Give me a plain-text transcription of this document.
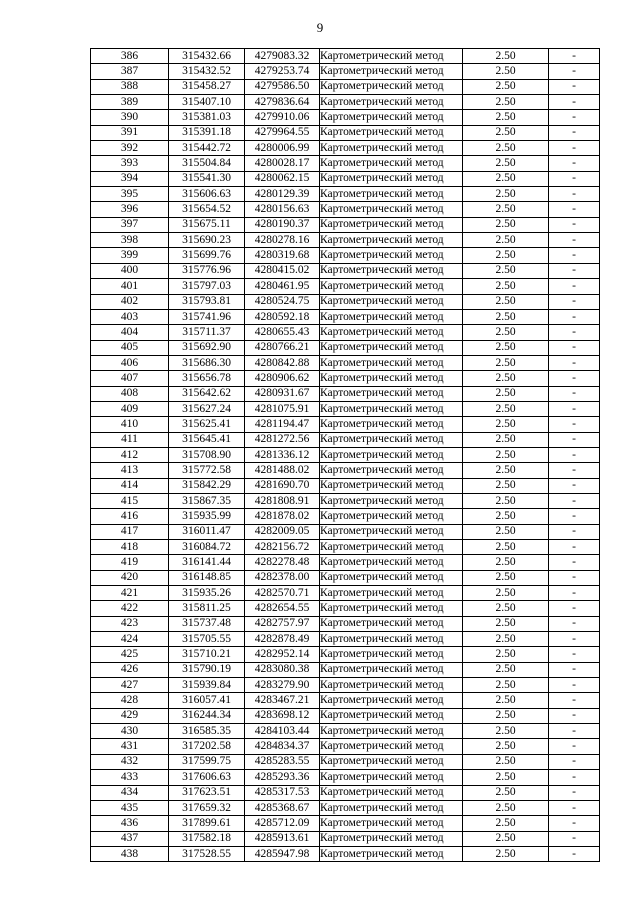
9
386	315432.66	4279083.32	Картометрический метод	2.50	-
387	315432.52	4279253.74	Картометрический метод	2.50	-
388	315458.27	4279586.50	Картометрический метод	2.50	-
389	315407.10	4279836.64	Картометрический метод	2.50	-
390	315381.03	4279910.06	Картометрический метод	2.50	-
391	315391.18	4279964.55	Картометрический метод	2.50	-
392	315442.72	4280006.99	Картометрический метод	2.50	-
393	315504.84	4280028.17	Картометрический метод	2.50	-
394	315541.30	4280062.15	Картометрический метод	2.50	-
395	315606.63	4280129.39	Картометрический метод	2.50	-
396	315654.52	4280156.63	Картометрический метод	2.50	-
397	315675.11	4280190.37	Картометрический метод	2.50	-
398	315690.23	4280278.16	Картометрический метод	2.50	-
399	315699.76	4280319.68	Картометрический метод	2.50	-
400	315776.96	4280415.02	Картометрический метод	2.50	-
401	315797.03	4280461.95	Картометрический метод	2.50	-
402	315793.81	4280524.75	Картометрический метод	2.50	-
403	315741.96	4280592.18	Картометрический метод	2.50	-
404	315711.37	4280655.43	Картометрический метод	2.50	-
405	315692.90	4280766.21	Картометрический метод	2.50	-
406	315686.30	4280842.88	Картометрический метод	2.50	-
407	315656.78	4280906.62	Картометрический метод	2.50	-
408	315642.62	4280931.67	Картометрический метод	2.50	-
409	315627.24	4281075.91	Картометрический метод	2.50	-
410	315625.41	4281194.47	Картометрический метод	2.50	-
411	315645.41	4281272.56	Картометрический метод	2.50	-
412	315708.90	4281336.12	Картометрический метод	2.50	-
413	315772.58	4281488.02	Картометрический метод	2.50	-
414	315842.29	4281690.70	Картометрический метод	2.50	-
415	315867.35	4281808.91	Картометрический метод	2.50	-
416	315935.99	4281878.02	Картометрический метод	2.50	-
417	316011.47	4282009.05	Картометрический метод	2.50	-
418	316084.72	4282156.72	Картометрический метод	2.50	-
419	316141.44	4282278.48	Картометрический метод	2.50	-
420	316148.85	4282378.00	Картометрический метод	2.50	-
421	315935.26	4282570.71	Картометрический метод	2.50	-
422	315811.25	4282654.55	Картометрический метод	2.50	-
423	315737.48	4282757.97	Картометрический метод	2.50	-
424	315705.55	4282878.49	Картометрический метод	2.50	-
425	315710.21	4282952.14	Картометрический метод	2.50	-
426	315790.19	4283080.38	Картометрический метод	2.50	-
427	315939.84	4283279.90	Картометрический метод	2.50	-
428	316057.41	4283467.21	Картометрический метод	2.50	-
429	316244.34	4283698.12	Картометрический метод	2.50	-
430	316585.35	4284103.44	Картометрический метод	2.50	-
431	317202.58	4284834.37	Картометрический метод	2.50	-
432	317599.75	4285283.55	Картометрический метод	2.50	-
433	317606.63	4285293.36	Картометрический метод	2.50	-
434	317623.51	4285317.53	Картометрический метод	2.50	-
435	317659.32	4285368.67	Картометрический метод	2.50	-
436	317899.61	4285712.09	Картометрический метод	2.50	-
437	317582.18	4285913.61	Картометрический метод	2.50	-
438	317528.55	4285947.98	Картометрический метод	2.50	-
